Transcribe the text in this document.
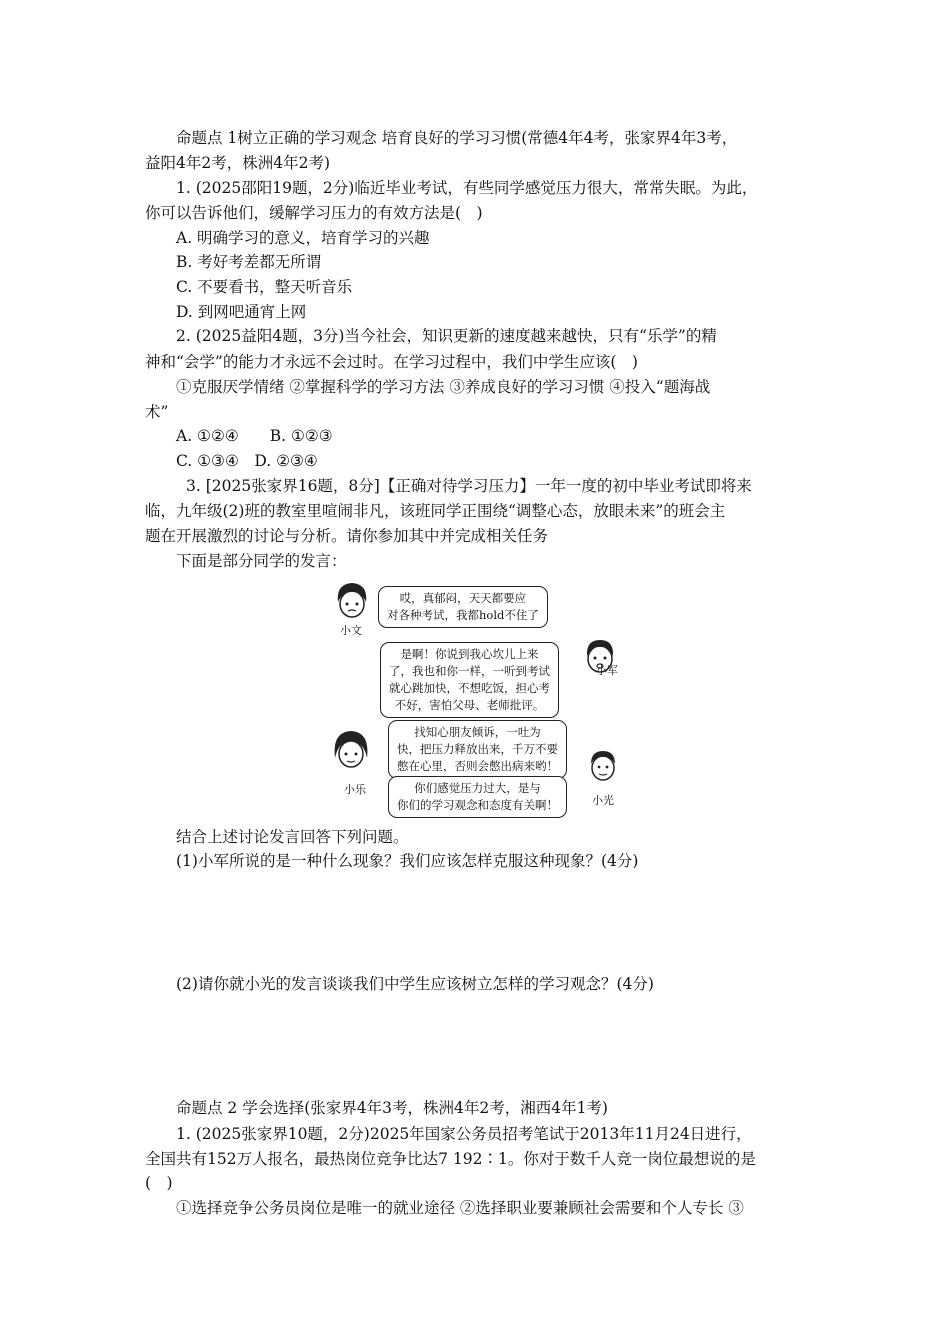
命题点 1树立正确的学习观念 培育良好的学习习惯(常德4年4考，张家界4年3考，
益阳4年2考，株洲4年2考)
1. (2025邵阳19题，2分)临近毕业考试，有些同学感觉压力很大，常常失眠。为此，
你可以告诉他们，缓解学习压力的有效方法是(　)
A. 明确学习的意义，培育学习的兴趣
B. 考好考差都无所谓
C. 不要看书，整天听音乐
D. 到网吧通宵上网
2. (2025益阳4题，3分)当今社会，知识更新的速度越来越快，只有“乐学”的精
神和“会学”的能力才永远不会过时。在学习过程中，我们中学生应该(　)
①克服厌学情绪 ②掌握科学的学习方法 ③养成良好的学习习惯 ④投入“题海战
术”
A. ①②④　　B. ①②③
C. ①③④　D. ②③④
3. [2025张家界16题，8分]【正确对待学习压力】一年一度的初中毕业考试即将来
临，九年级(2)班的教室里喧闹非凡，该班同学正围绕“调整心态，放眼未来”的班会主
题在开展激烈的讨论与分析。请你参加其中并完成相关任务
下面是部分同学的发言：
小文
哎，真郁闷，天天都要应
对各种考试，我都hold不住了
是啊！你说到我心坎儿上来
了，我也和你一样，一听到考试
就心跳加快，不想吃饭，担心考
不好，害怕父母、老师批评。
小军
找知心朋友倾诉，一吐为
快，把压力释放出来，千万不要
憋在心里，否则会憋出病来哟！
小乐	你们感觉压力过大，是与
你们的学习观念和态度有关啊！	小光
结合上述讨论发言回答下列问题。
(1)小军所说的是一种什么现象？我们应该怎样克服这种现象？(4分)
(2)请你就小光的发言谈谈我们中学生应该树立怎样的学习观念？(4分)
命题点 2 学会选择(张家界4年3考，株洲4年2考，湘西4年1考)
1. (2025张家界10题，2分)2025年国家公务员招考笔试于2013年11月24日进行，
全国共有152万人报名，最热岗位竞争比达7 192∶1。你对于数千人竞一岗位最想说的是
(　)
①选择竞争公务员岗位是唯一的就业途径 ②选择职业要兼顾社会需要和个人专长 ③
